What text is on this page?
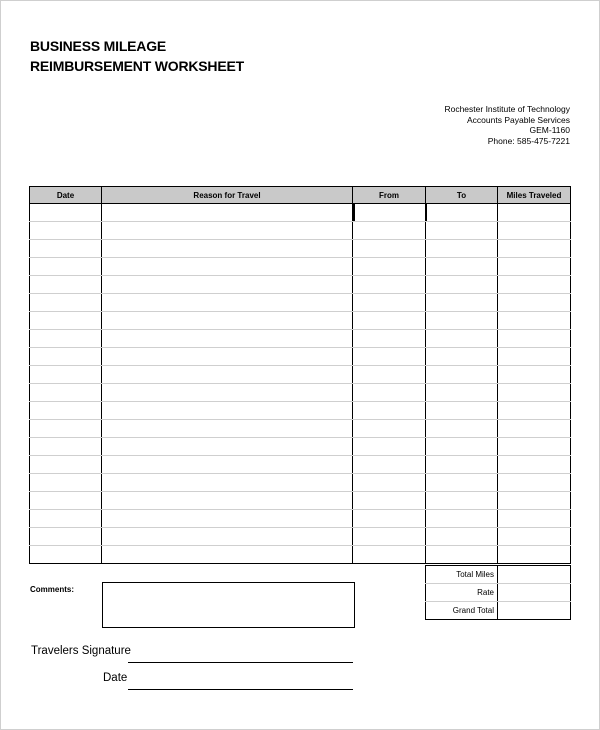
BUSINESS MILEAGE
REIMBURSEMENT WORKSHEET
Rochester Institute of Technology
Accounts Payable Services
GEM-1160
Phone: 585-475-7221
Date	Reason for Travel	From	To	Miles Traveled

Comments:
Total Miles	
Rate	
Grand Total	
Travelers Signature
Date
